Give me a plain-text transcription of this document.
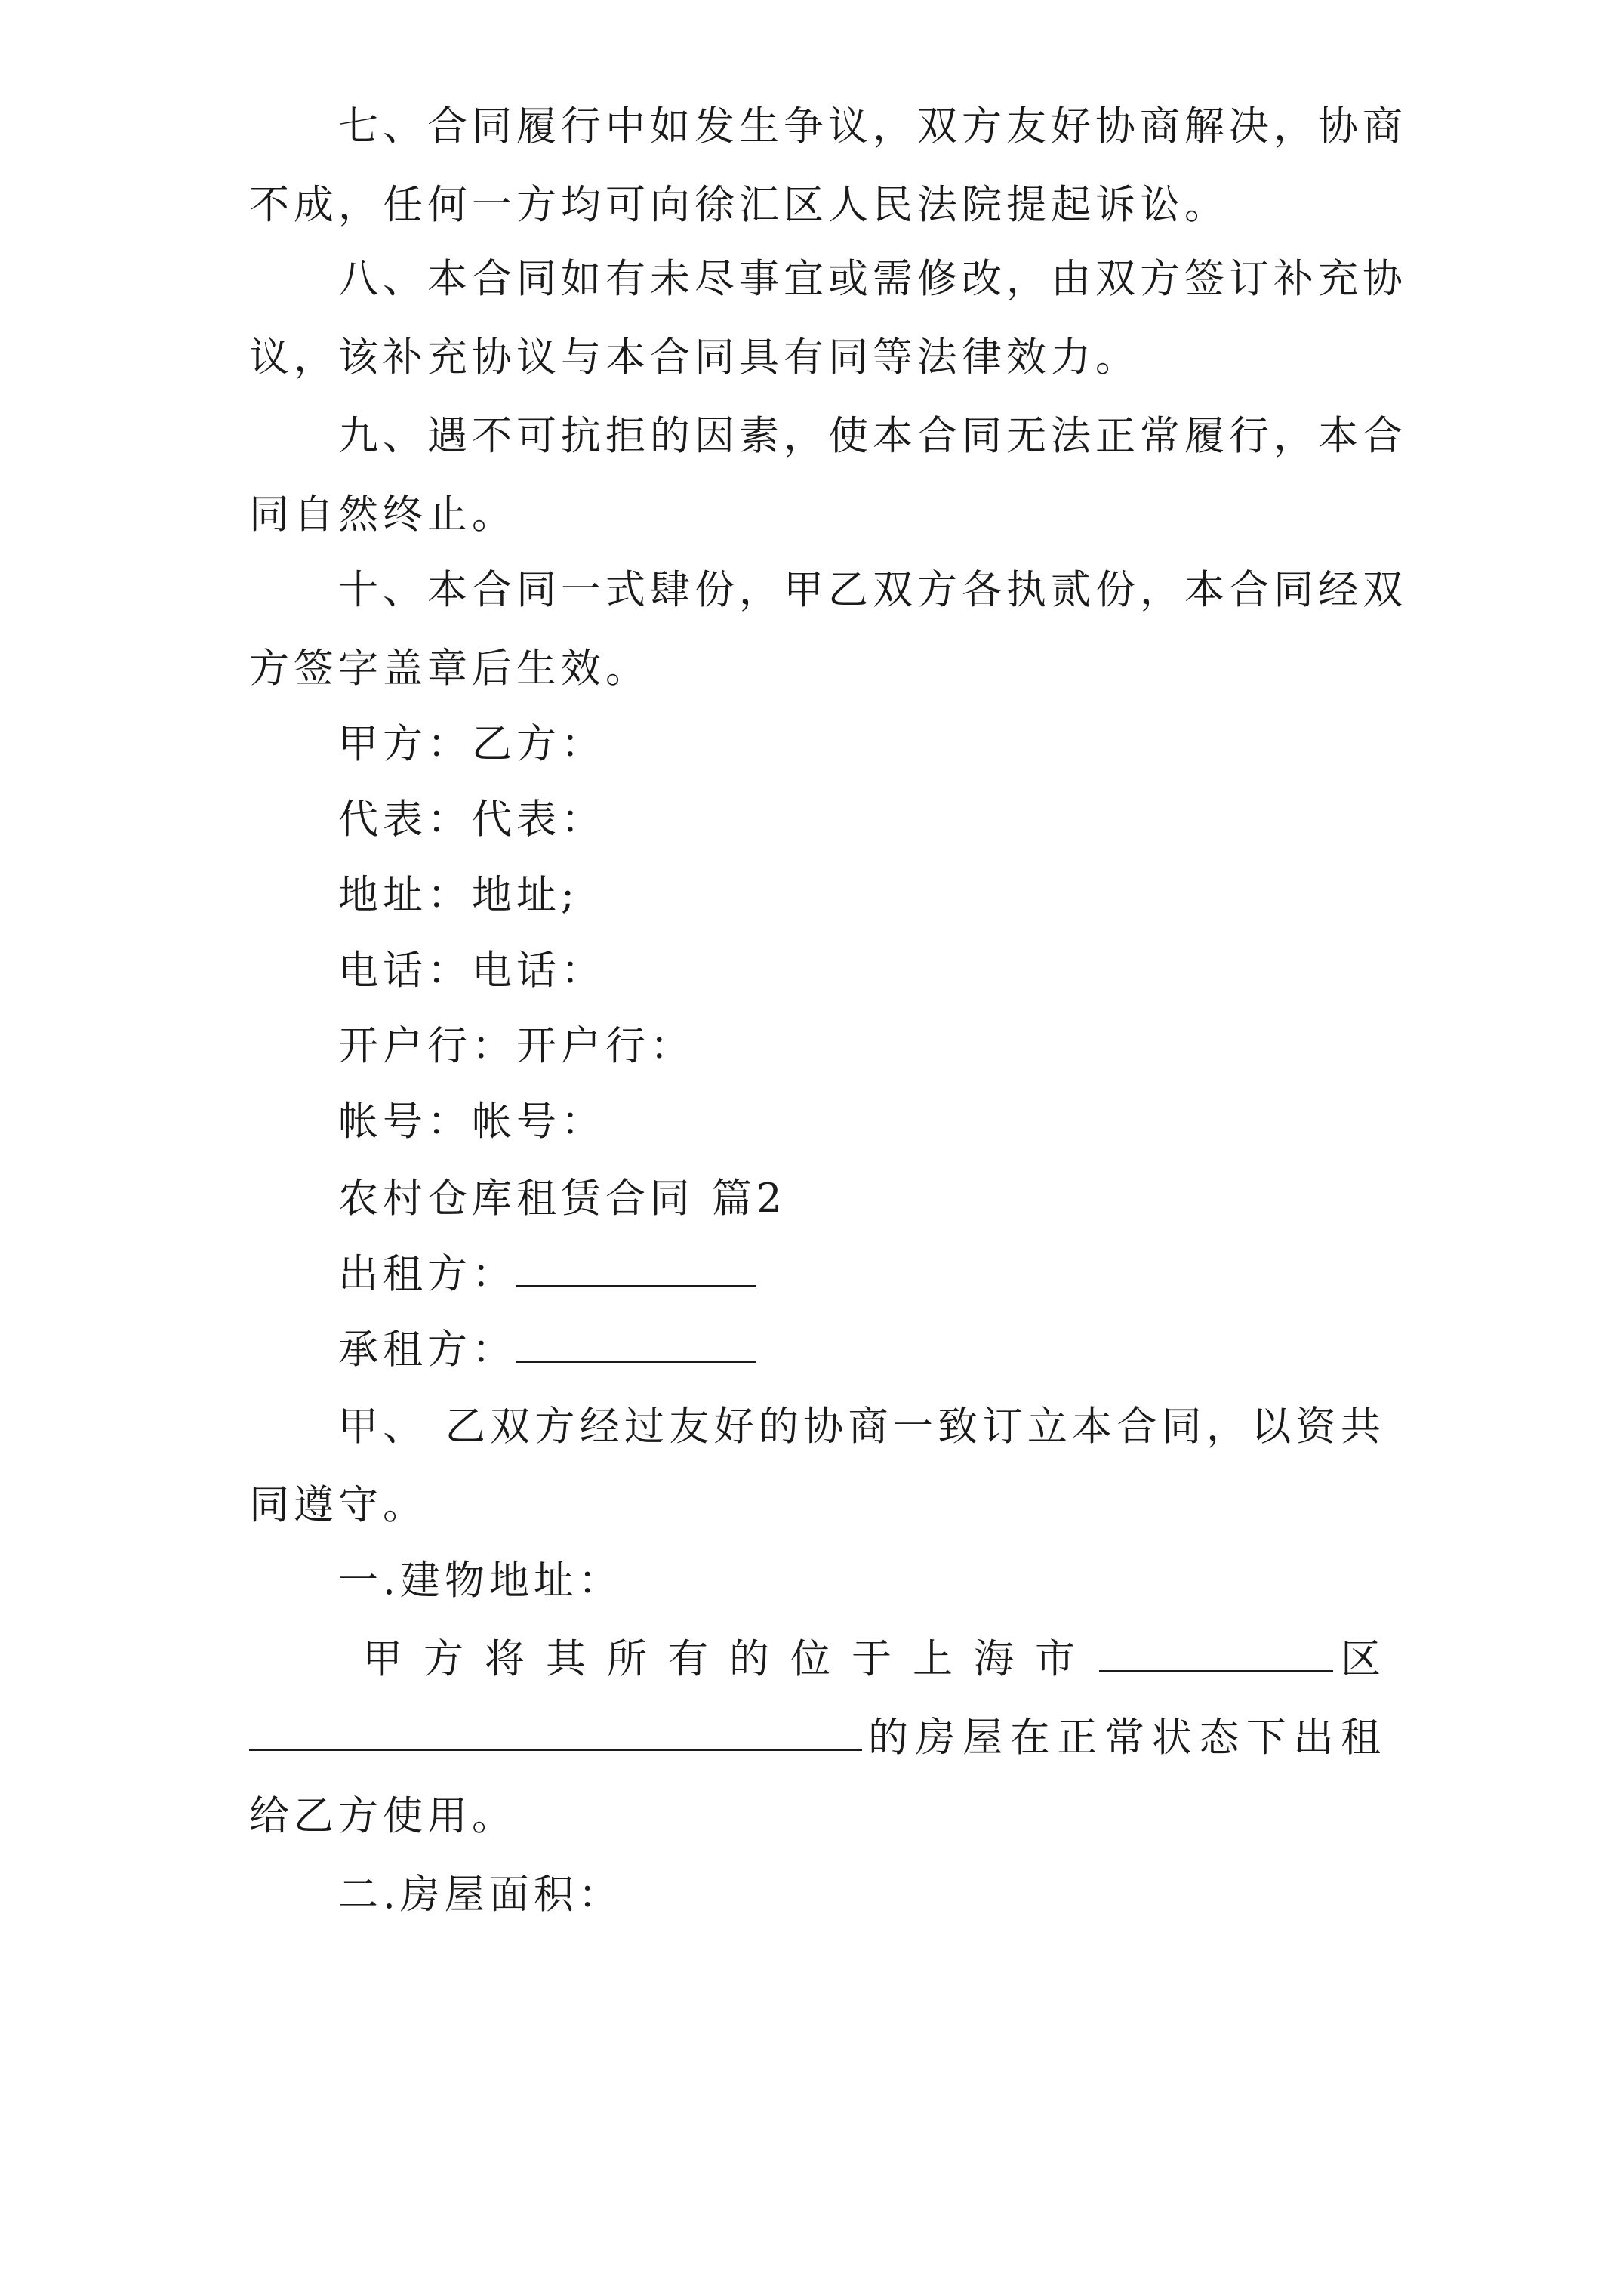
七、合同履行中如发生争议，双方友好协商解决，协商
不成，任何一方均可向徐汇区人民法院提起诉讼。
八、本合同如有未尽事宜或需修改，由双方签订补充协
议，该补充协议与本合同具有同等法律效力。
九、遇不可抗拒的因素，使本合同无法正常履行，本合
同自然终止。
十、本合同一式肆份，甲乙双方各执贰份，本合同经双
方签字盖章后生效。
甲方：乙方：
代表：代表：
地址：地址;
电话：电话：
开户行：开户行：
帐号：帐号：
农村仓库租赁合同 篇2
出租方：
承租方：
甲、 乙双方经过友好的协商一致订立本合同，以资共
同遵守。
一.建物地址：
甲方将其所有的位于上海市	区
的房屋在正常状态下出租
给乙方使用。
二.房屋面积：
